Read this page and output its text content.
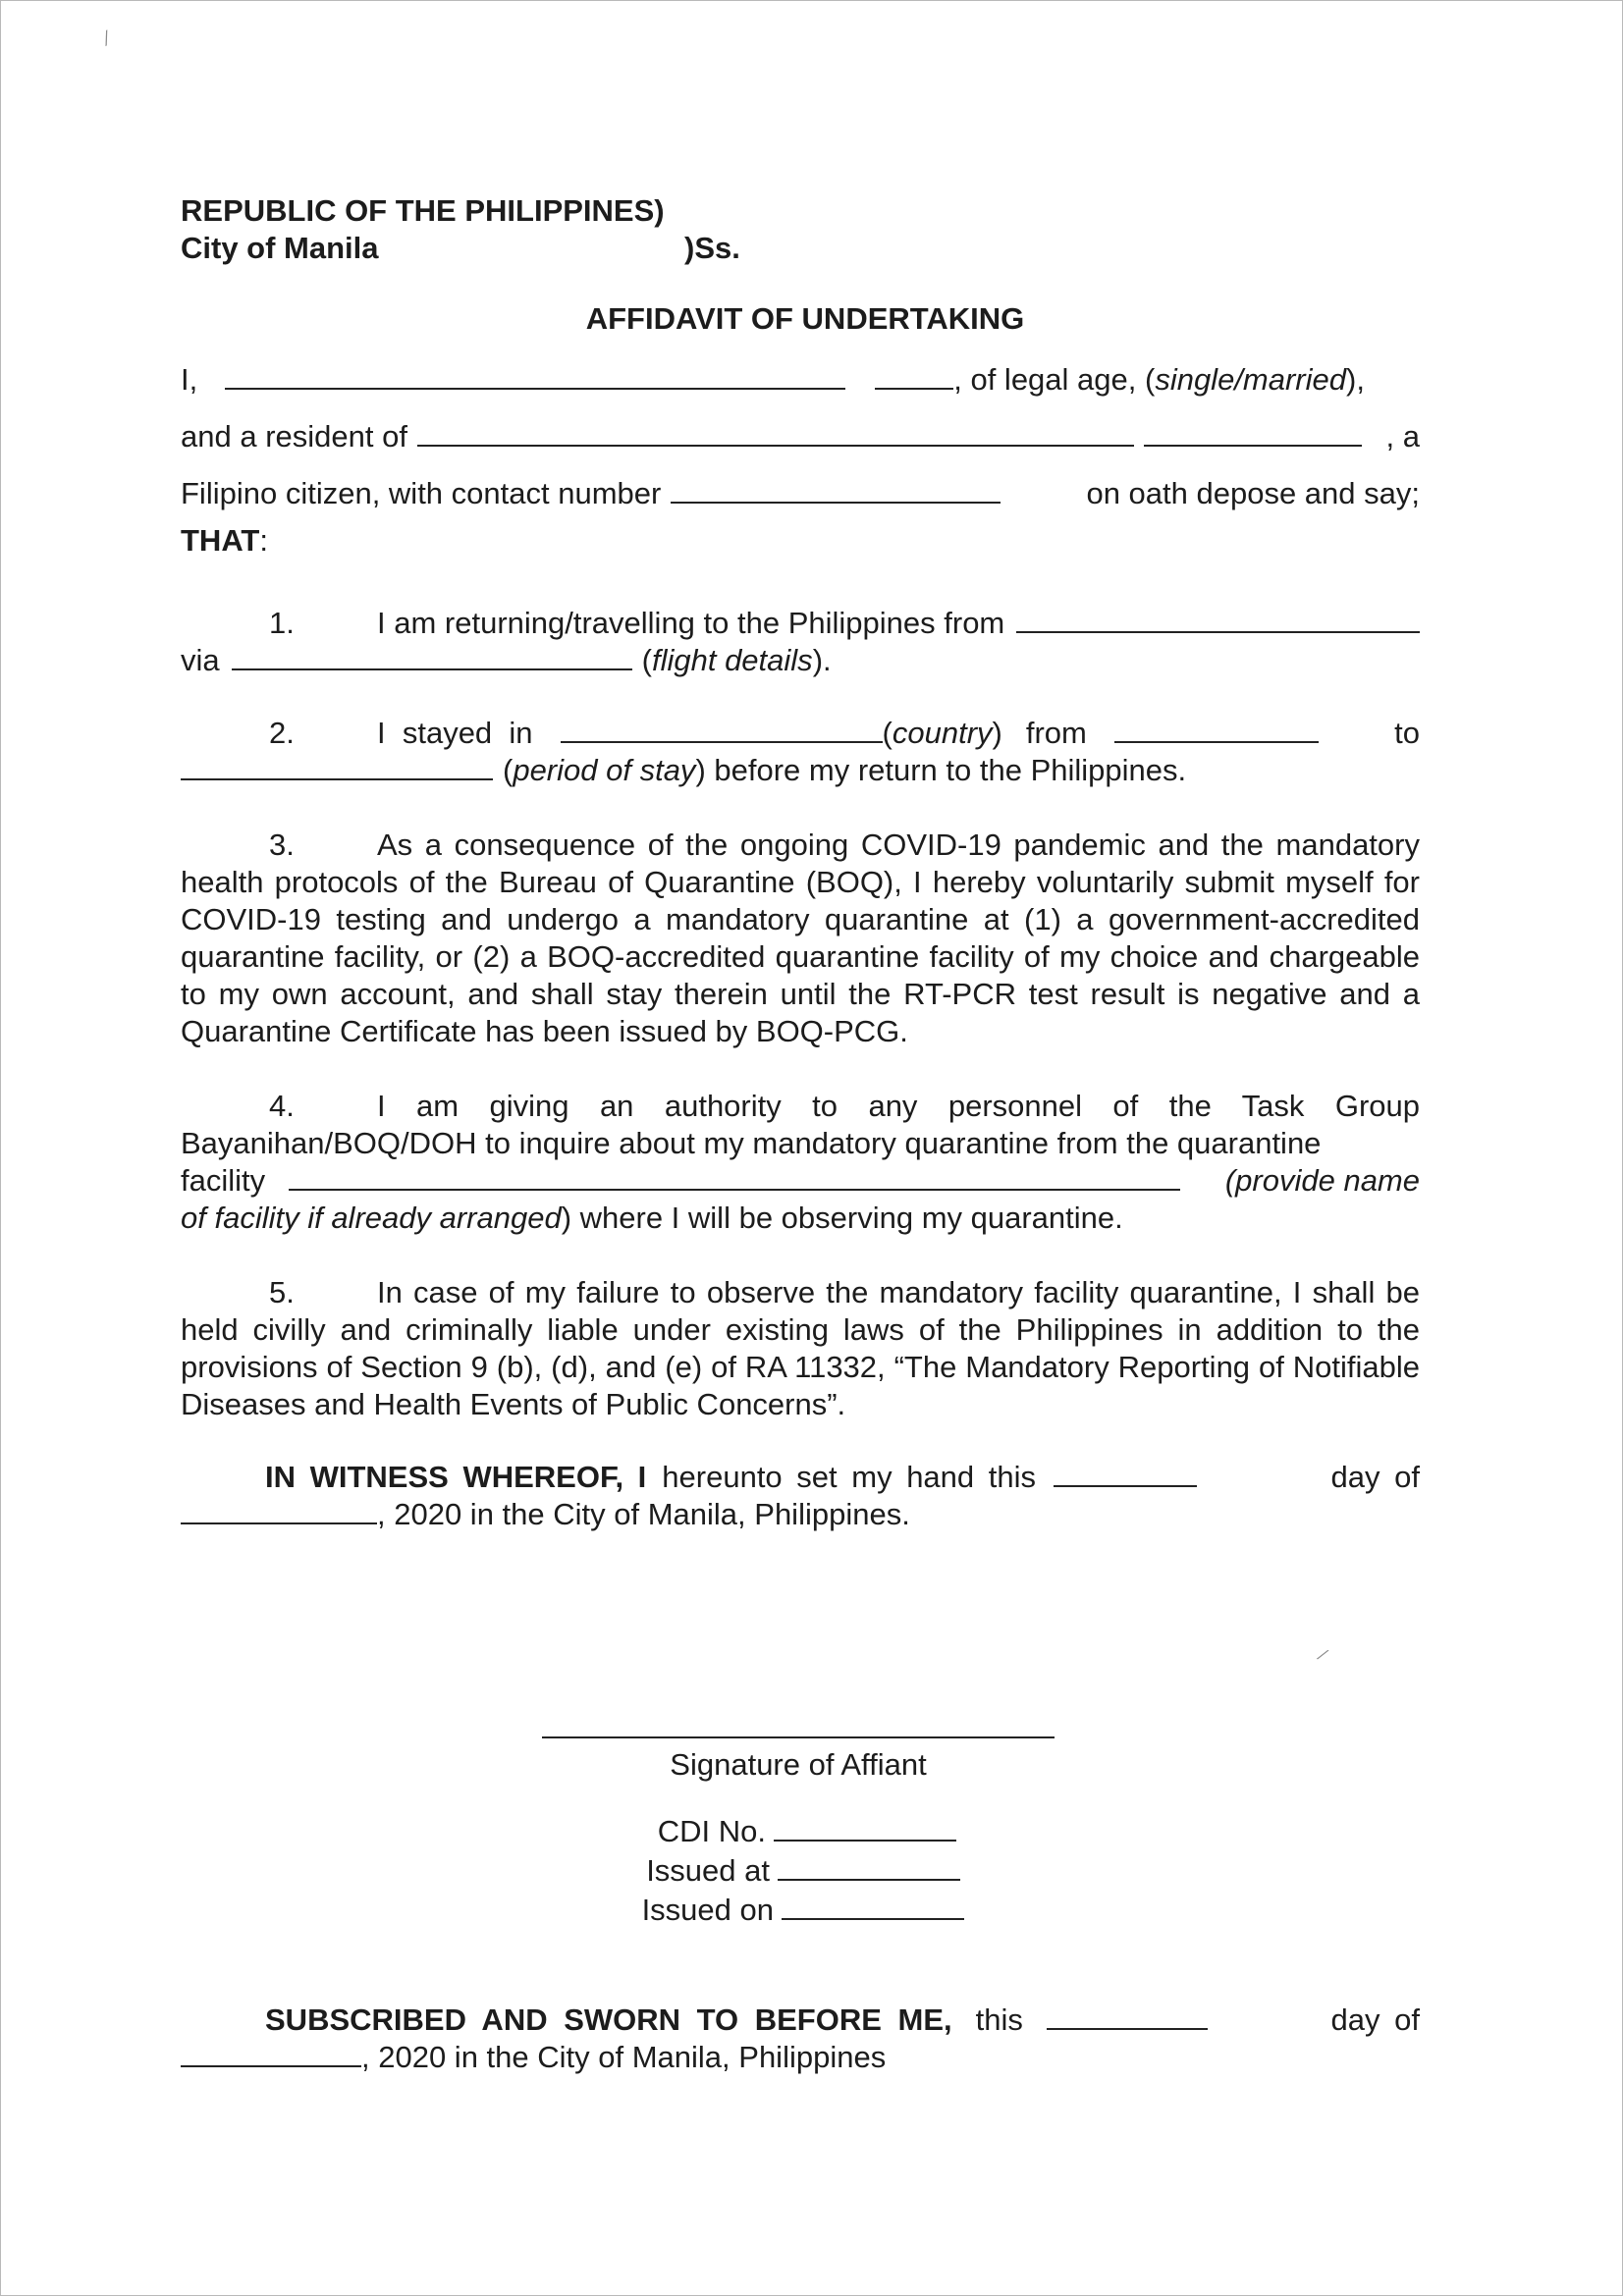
REPUBLIC OF THE PHILIPPINES)
City of Manila	)Ss.
AFFIDAVIT OF UNDERTAKING
I,	, of legal age, ( single/married ),
and a resident of	, a
Filipino citizen, with contact number	on oath depose and say;
THAT:
1.	I am returning/travelling to the Philippines from
via	( flight details ).
2.	I  stayed  in	( country ) from	to
( period of stay ) before my return to the Philippines.
3.	As a consequence of the ongoing COVID-19 pandemic and the mandatory health protocols of the Bureau of Quarantine (BOQ), I hereby voluntarily submit myself for COVID-19 testing and undergo a mandatory quarantine at (1) a government-accredited quarantine facility, or (2) a BOQ-accredited quarantine facility of my choice and chargeable to my own account, and shall stay therein until the RT-PCR test result is negative and a Quarantine Certificate has been issued by BOQ-PCG.
4.	I am giving an authority to any personnel of the Task Group Bayanihan/BOQ/DOH to inquire about my mandatory quarantine from the quarantine
facility	(provide name
of facility if already arranged) where I will be observing my quarantine.
5.	In case of my failure to observe the mandatory facility quarantine, I shall be held civilly and criminally liable under existing laws of the Philippines in addition to the provisions of Section 9 (b), (d), and (e) of RA 11332, “The Mandatory Reporting of Notifiable Diseases and Health Events of Public Concerns”.
IN WITNESS WHEREOF, I hereunto set my hand this	day of
, 2020 in the City of Manila, Philippines.
Signature of Affiant
CDI No.
Issued at
Issued on
SUBSCRIBED AND SWORN TO BEFORE ME, this	day of
, 2020 in the City of Manila, Philippines
⁄
⁄
